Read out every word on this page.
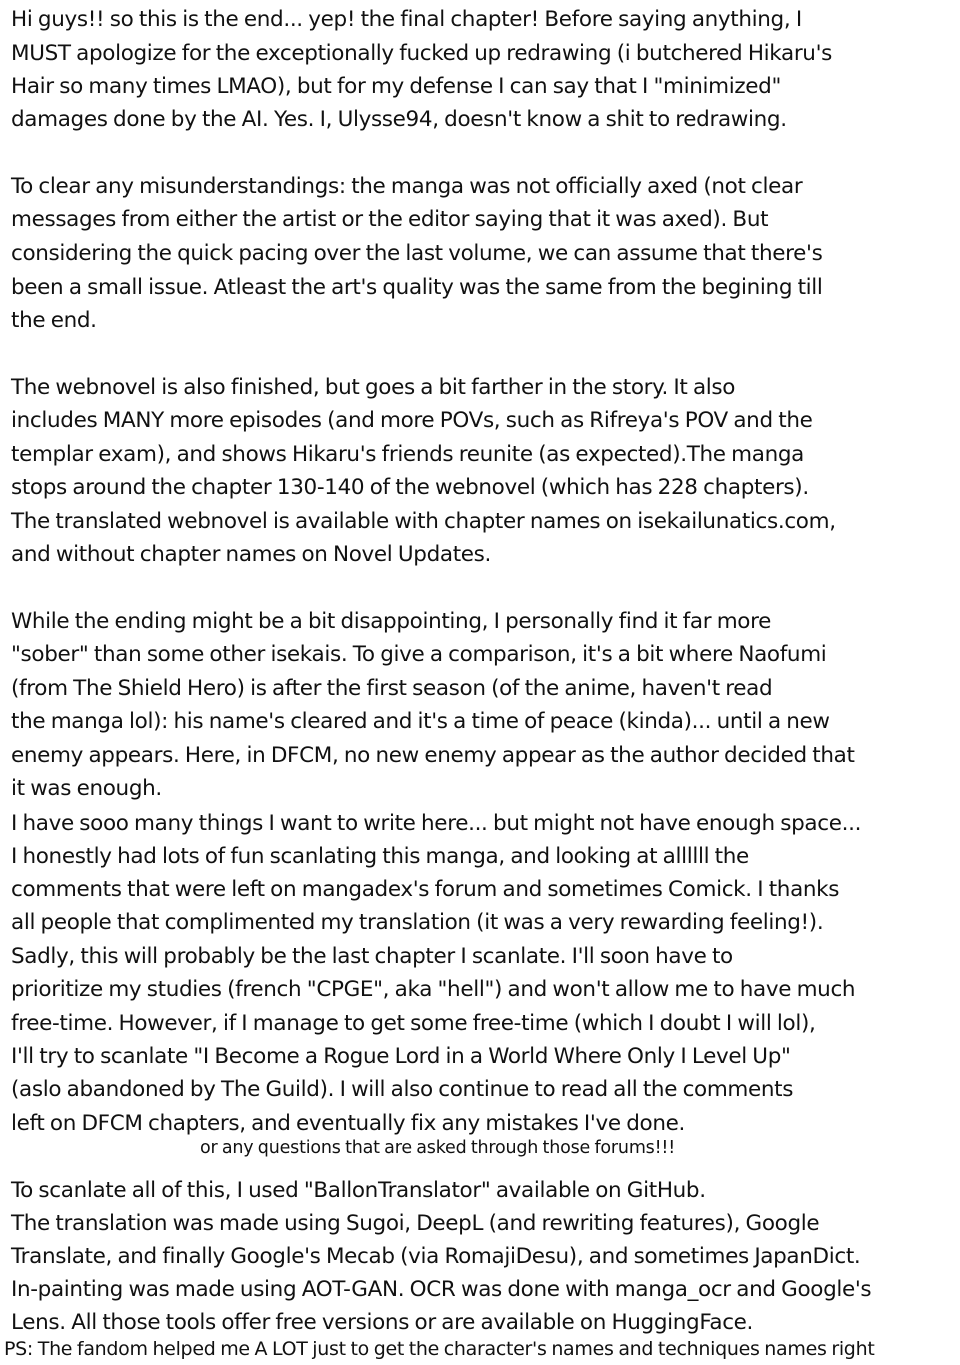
Hi guys!! so this is the end... yep! the final chapter! Before saying anything, I
MUST apologize for the exceptionally fucked up redrawing (i butchered Hikaru's
Hair so many times LMAO), but for my defense I can say that I "minimized"
damages done by the AI. Yes. I, Ulysse94, doesn't know a shit to redrawing.
To clear any misunderstandings: the manga was not officially axed (not clear
messages from either the artist or the editor saying that it was axed). But
considering the quick pacing over the last volume, we can assume that there's
been a small issue. Atleast the art's quality was the same from the begining till
the end.
The webnovel is also finished, but goes a bit farther in the story. It also
includes MANY more episodes (and more POVs, such as Rifreya's POV and the
templar exam), and shows Hikaru's friends reunite (as expected).The manga
stops around the chapter 130-140 of the webnovel (which has 228 chapters).
The translated webnovel is available with chapter names on isekailunatics.com,
and without chapter names on Novel Updates.
While the ending might be a bit disappointing, I personally find it far more
"sober" than some other isekais. To give a comparison, it's a bit where Naofumi
(from The Shield Hero) is after the first season (of the anime, haven't read
the manga lol): his name's cleared and it's a time of peace (kinda)... until a new
enemy appears. Here, in DFCM, no new enemy appear as the author decided that
it was enough.
I have sooo many things I want to write here... but might not have enough space...
I honestly had lots of fun scanlating this manga, and looking at allllll the
comments that were left on mangadex's forum and sometimes Comick. I thanks
all people that complimented my translation (it was a very rewarding feeling!).
Sadly, this will probably be the last chapter I scanlate. I'll soon have to
prioritize my studies (french "CPGE", aka "hell") and won't allow me to have much
free-time. However, if I manage to get some free-time (which I doubt I will lol),
I'll try to scanlate "I Become a Rogue Lord in a World Where Only I Level Up"
(aslo abandoned by The Guild). I will also continue to read all the comments
left on DFCM chapters, and eventually fix any mistakes I've done.
or any questions that are asked through those forums!!!
To scanlate all of this, I used "BallonTranslator" available on GitHub.
The translation was made using Sugoi, DeepL (and rewriting features), Google
Translate, and finally Google's Mecab (via RomajiDesu), and sometimes JapanDict.
In-painting was made using AOT-GAN. OCR was done with manga_ocr and Google's
Lens. All those tools offer free versions or are available on HuggingFace.
PS: The fandom helped me A LOT just to get the character's names and techniques names right
